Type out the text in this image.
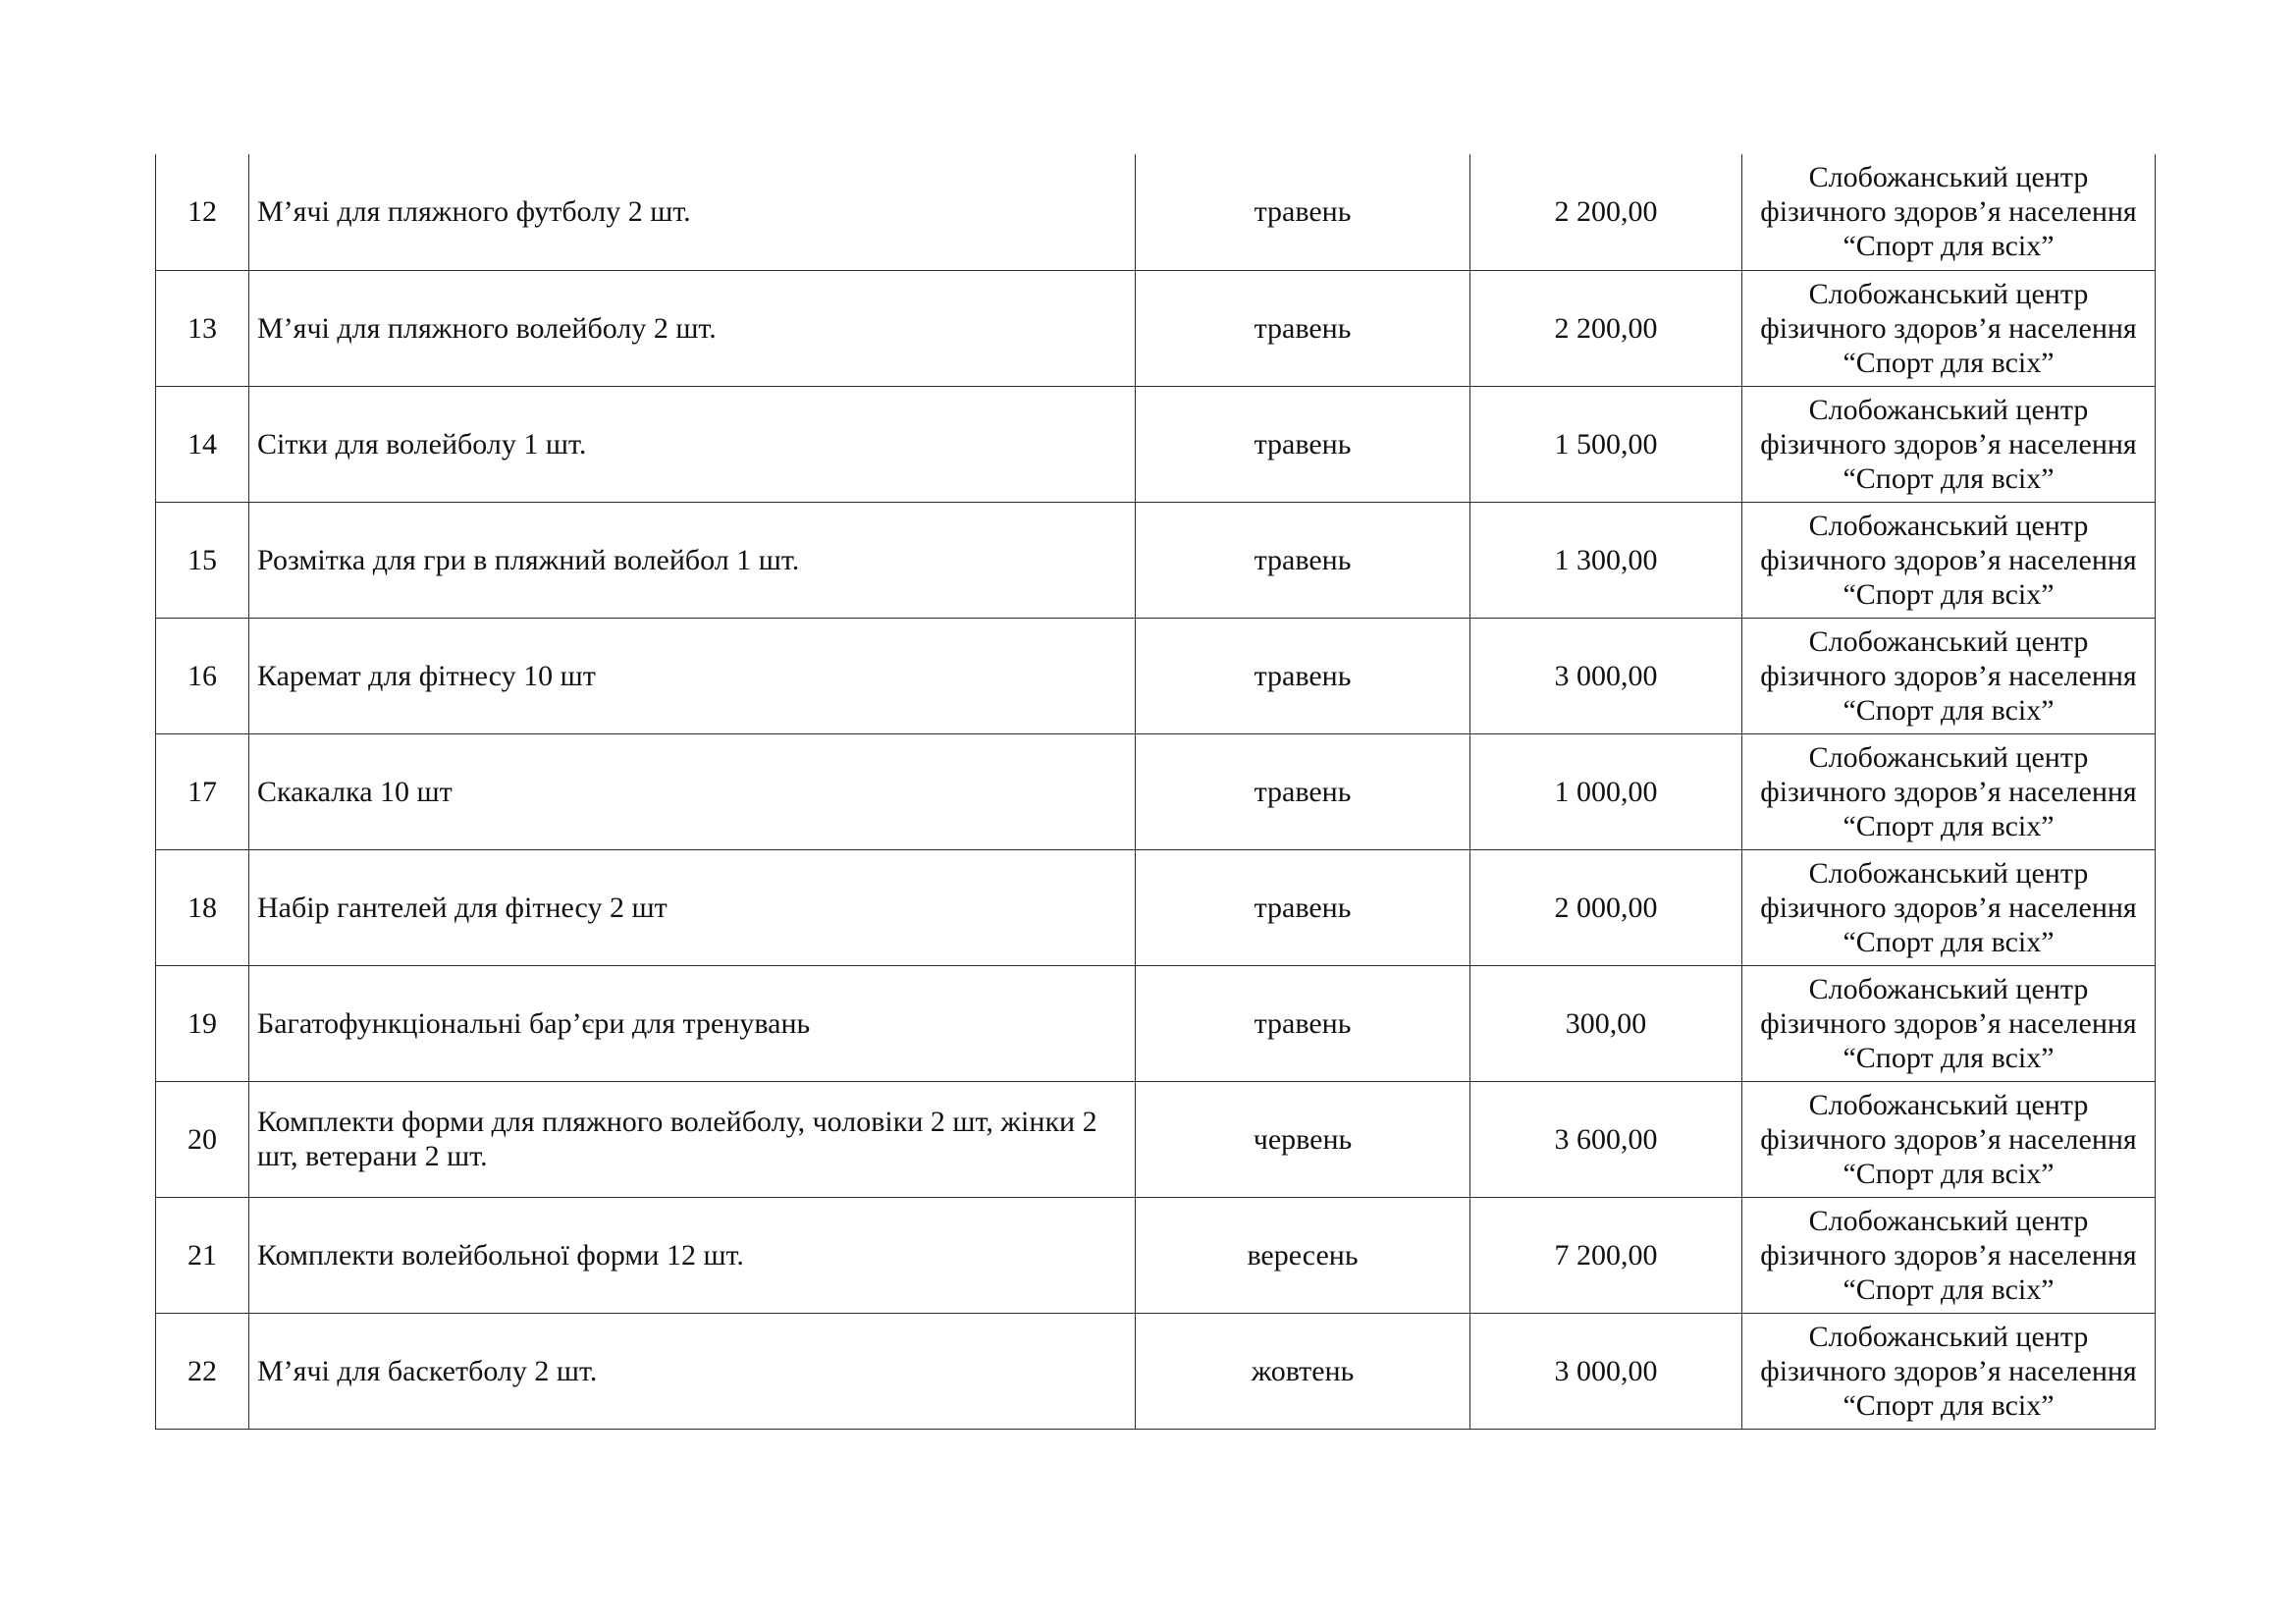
12	М’ячі для пляжного футболу 2 шт.	травень	2 200,00	Слобожанський центр
фізичного здоров’я населення
“Спорт для всіх”

13	М’ячі для пляжного волейболу 2 шт.	травень	2 200,00	Слобожанський центр
фізичного здоров’я населення
“Спорт для всіх”

14	Сітки для волейболу 1 шт.	травень	1 500,00	Слобожанський центр
фізичного здоров’я населення
“Спорт для всіх”

15	Розмітка для гри в пляжний волейбол 1 шт.	травень	1 300,00	Слобожанський центр
фізичного здоров’я населення
“Спорт для всіх”

16	Каремат для фітнесу 10 шт	травень	3 000,00	Слобожанський центр
фізичного здоров’я населення
“Спорт для всіх”

17	Скакалка 10 шт	травень	1 000,00	Слобожанський центр
фізичного здоров’я населення
“Спорт для всіх”

18	Набір гантелей для фітнесу 2 шт	травень	2 000,00	Слобожанський центр
фізичного здоров’я населення
“Спорт для всіх”

19	Багатофункціональні бар’єри для тренувань	травень	300,00	Слобожанський центр
фізичного здоров’я населення
“Спорт для всіх”

20	Комплекти форми для пляжного волейболу, чоловіки 2 шт, жінки 2 шт, ветерани 2 шт.	червень	3 600,00	Слобожанський центр
фізичного здоров’я населення
“Спорт для всіх”

21	Комплекти волейбольної форми 12 шт.	вересень	7 200,00	Слобожанський центр
фізичного здоров’я населення
“Спорт для всіх”

22	М’ячі для баскетболу 2 шт.	жовтень	3 000,00	Слобожанський центр
фізичного здоров’я населення
“Спорт для всіх”
